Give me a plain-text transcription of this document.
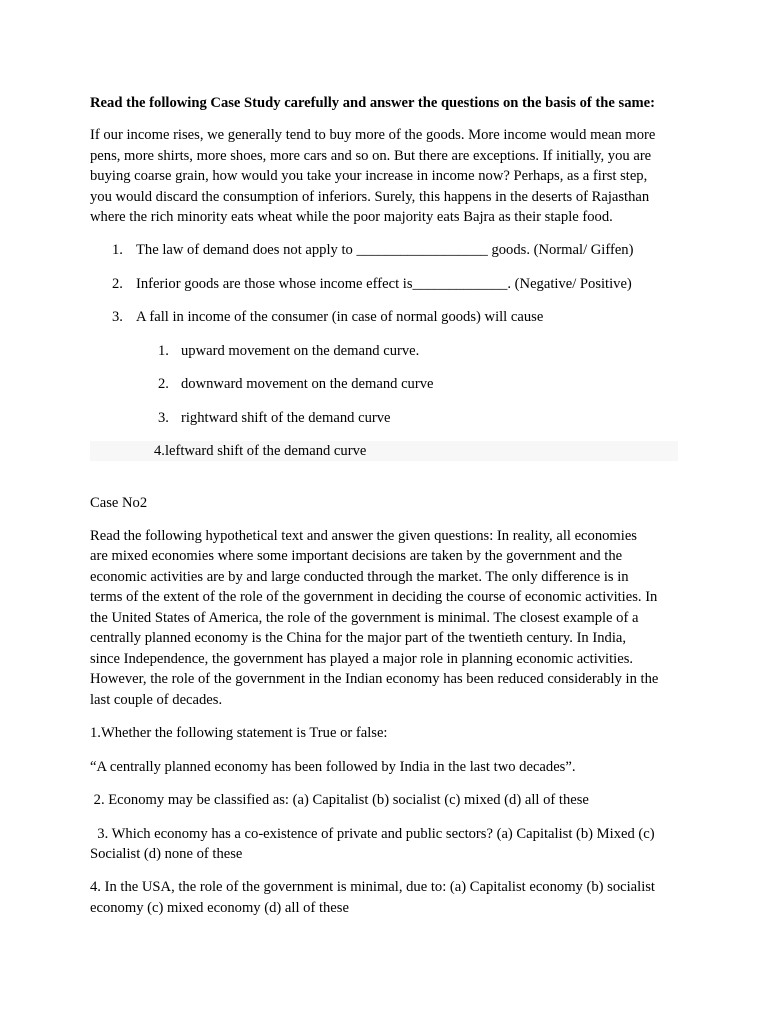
Read the following Case Study carefully and answer the questions on the basis of the same:

If our income rises, we generally tend to buy more of the goods. More income would mean more

pens, more shirts, more shoes, more cars and so on. But there are exceptions. If initially, you are

buying coarse grain, how would you take your increase in income now? Perhaps, as a first step,

you would discard the consumption of inferiors. Surely, this happens in the deserts of Rajasthan

where the rich minority eats wheat while the poor majority eats Bajra as their staple food.

1. The law of demand does not apply to __________________ goods. (Normal/ Giffen)
2. Inferior goods are those whose income effect is_____________. (Negative/ Positive)
3. A fall in income of the consumer (in case of normal goods) will cause
1. upward movement on the demand curve.
2. downward movement on the demand curve
3. rightward shift of the demand curve
4.leftward shift of the demand curve

Case No2

Read the following hypothetical text and answer the given questions: In reality, all economies

are mixed economies where some important decisions are taken by the government and the

economic activities are by and large conducted through the market. The only difference is in

terms of the extent of the role of the government in deciding the course of economic activities. In

the United States of America, the role of the government is minimal. The closest example of a

centrally planned economy is the China for the major part of the twentieth century. In India,

since Independence, the government has played a major role in planning economic activities.

However, the role of the government in the Indian economy has been reduced considerably in the

last couple of decades.

1.Whether the following statement is True or false:

“A centrally planned economy has been followed by India in the last two decades”.

2. Economy may be classified as: (a) Capitalist (b) socialist (c) mixed (d) all of these

3. Which economy has a co-existence of private and public sectors? (a) Capitalist (b) Mixed (c)

Socialist (d) none of these

4. In the USA, the role of the government is minimal, due to: (a) Capitalist economy (b) socialist

economy (c) mixed economy (d) all of these
